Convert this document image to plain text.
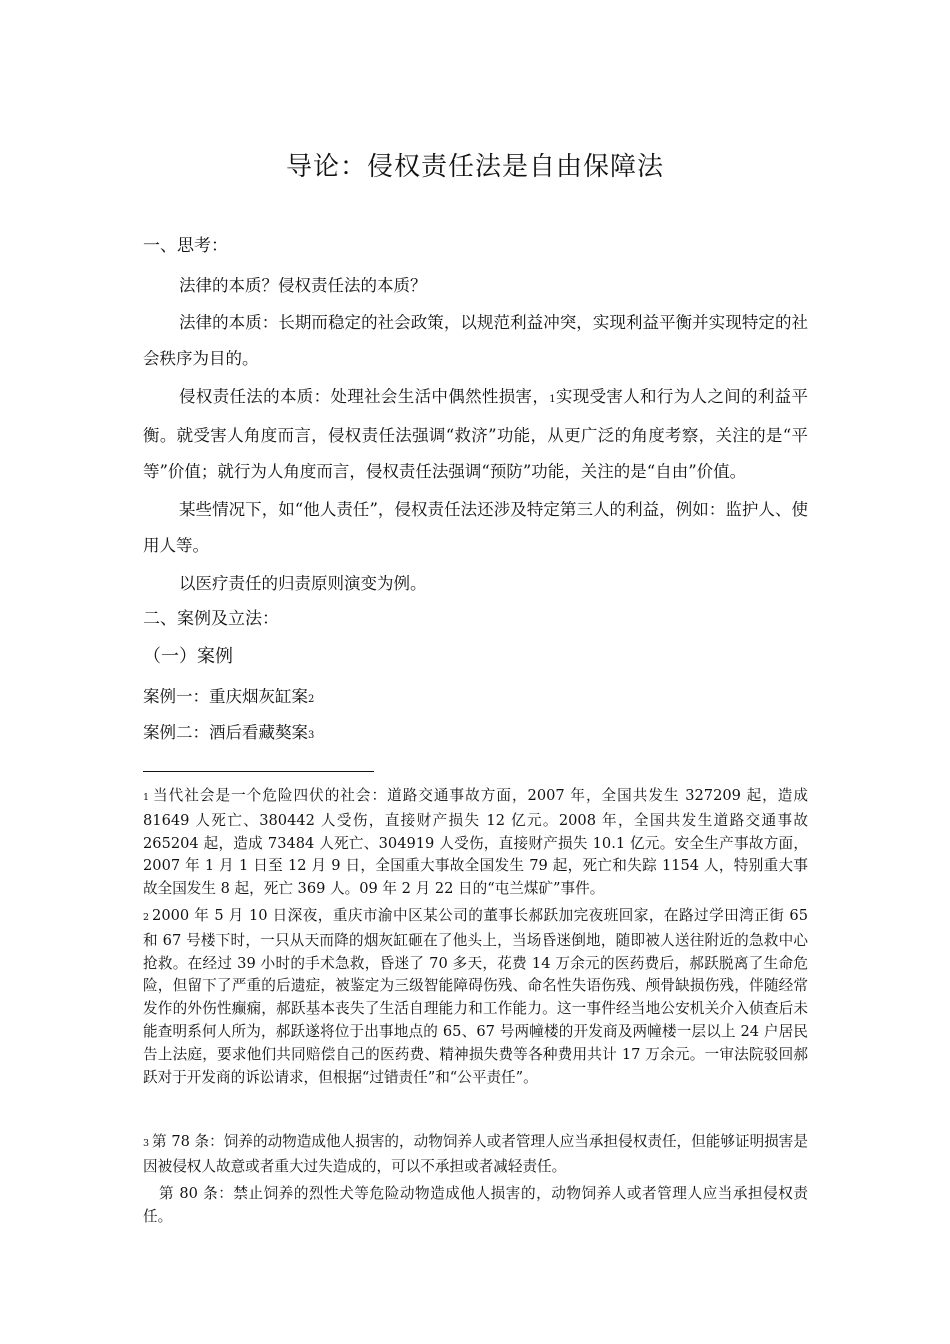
导论：侵权责任法是自由保障法
一、思考：

法律的本质？侵权责任法的本质？

法律的本质：长期而稳定的社会政策，以规范利益冲突，实现利益平衡并实现特定的社会秩序为目的。

侵权责任法的本质：处理社会生活中偶然性损害，1实现受害人和行为人之间的利益平衡。就受害人角度而言，侵权责任法强调“救济”功能，从更广泛的角度考察，关注的是“平等”价值；就行为人角度而言，侵权责任法强调“预防”功能，关注的是“自由”价值。

某些情况下，如“他人责任”，侵权责任法还涉及特定第三人的利益，例如：监护人、使用人等。

以医疗责任的归责原则演变为例。

二、案例及立法：
（一）案例
案例一：重庆烟灰缸案2
案例二：酒后看藏獒案3

1 当代社会是一个危险四伏的社会：道路交通事故方面，2007 年，全国共发生 327209 起，造成 81649 人死亡、380442 人受伤，直接财产损失 12 亿元。2008 年，全国共发生道路交通事故 265204 起，造成 73484 人死亡、304919 人受伤，直接财产损失 10.1 亿元。安全生产事故方面，2007 年 1 月 1 日至 12 月 9 日，全国重大事故全国发生 79 起，死亡和失踪 1154 人，特别重大事故全国发生 8 起，死亡 369 人。09 年 2 月 22 日的“屯兰煤矿”事件。

2 2000 年 5 月 10 日深夜，重庆市渝中区某公司的董事长郝跃加完夜班回家，在路过学田湾正街 65 和 67 号楼下时，一只从天而降的烟灰缸砸在了他头上，当场昏迷倒地，随即被人送往附近的急救中心抢救。在经过 39 小时的手术急救，昏迷了 70 多天，花费 14 万余元的医药费后，郝跃脱离了生命危险，但留下了严重的后遗症，被鉴定为三级智能障碍伤残、命名性失语伤残、颅骨缺损伤残，伴随经常发作的外伤性癫痫，郝跃基本丧失了生活自理能力和工作能力。这一事件经当地公安机关介入侦查后未能查明系何人所为，郝跃遂将位于出事地点的 65、67 号两幢楼的开发商及两幢楼一层以上 24 户居民告上法庭，要求他们共同赔偿自己的医药费、精神损失费等各种费用共计 17 万余元。一审法院驳回郝跃对于开发商的诉讼请求，但根据“过错责任”和“公平责任”。

3 第 78 条：饲养的动物造成他人损害的，动物饲养人或者管理人应当承担侵权责任，但能够证明损害是因被侵权人故意或者重大过失造成的，可以不承担或者减轻责任。

第 80 条：禁止饲养的烈性犬等危险动物造成他人损害的，动物饲养人或者管理人应当承担侵权责任。
